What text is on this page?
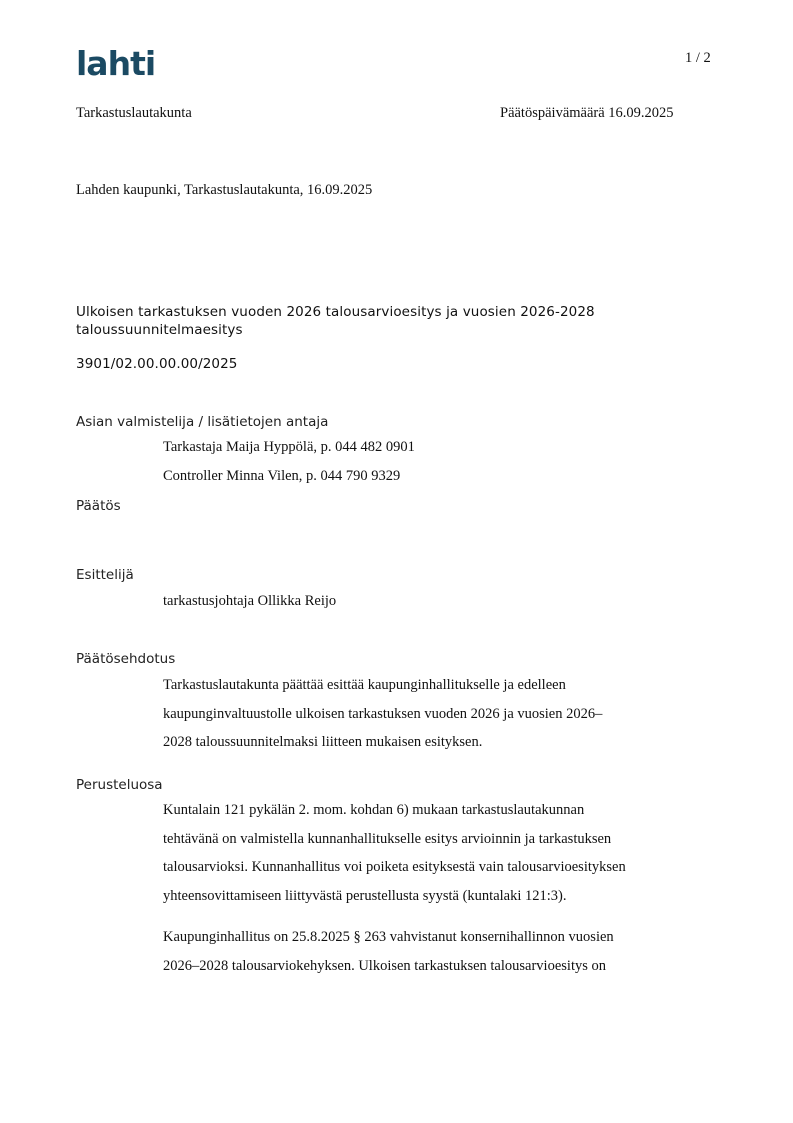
lahti	1 / 2
Tarkastuslautakunta	Päätöspäivämäärä 16.09.2025
Lahden kaupunki, Tarkastuslautakunta, 16.09.2025
Ulkoisen tarkastuksen vuoden 2026 talousarvioesitys ja vuosien 2026-2028
taloussuunnitelmaesitys
3901/02.00.00.00/2025
Asian valmistelija / lisätietojen antaja
Tarkastaja Maija Hyppölä, p. 044 482 0901
Controller Minna Vilen, p. 044 790 9329
Päätös
Esittelijä
tarkastusjohtaja Ollikka Reijo
Päätösehdotus
Tarkastuslautakunta päättää esittää kaupunginhallitukselle ja edelleen
kaupunginvaltuustolle ulkoisen tarkastuksen vuoden 2026 ja vuosien 2026–
2028 taloussuunnitelmaksi liitteen mukaisen esityksen.
Perusteluosa
Kuntalain 121 pykälän 2. mom. kohdan 6) mukaan tarkastuslautakunnan
tehtävänä on valmistella kunnanhallitukselle esitys arvioinnin ja tarkastuksen
talousarvioksi. Kunnanhallitus voi poiketa esityksestä vain talousarvioesityksen
yhteensovittamiseen liittyvästä perustellusta syystä (kuntalaki 121:3).
Kaupunginhallitus on 25.8.2025 § 263 vahvistanut konsernihallinnon vuosien
2026–2028 talousarviokehyksen. Ulkoisen tarkastuksen talousarvioesitys on
